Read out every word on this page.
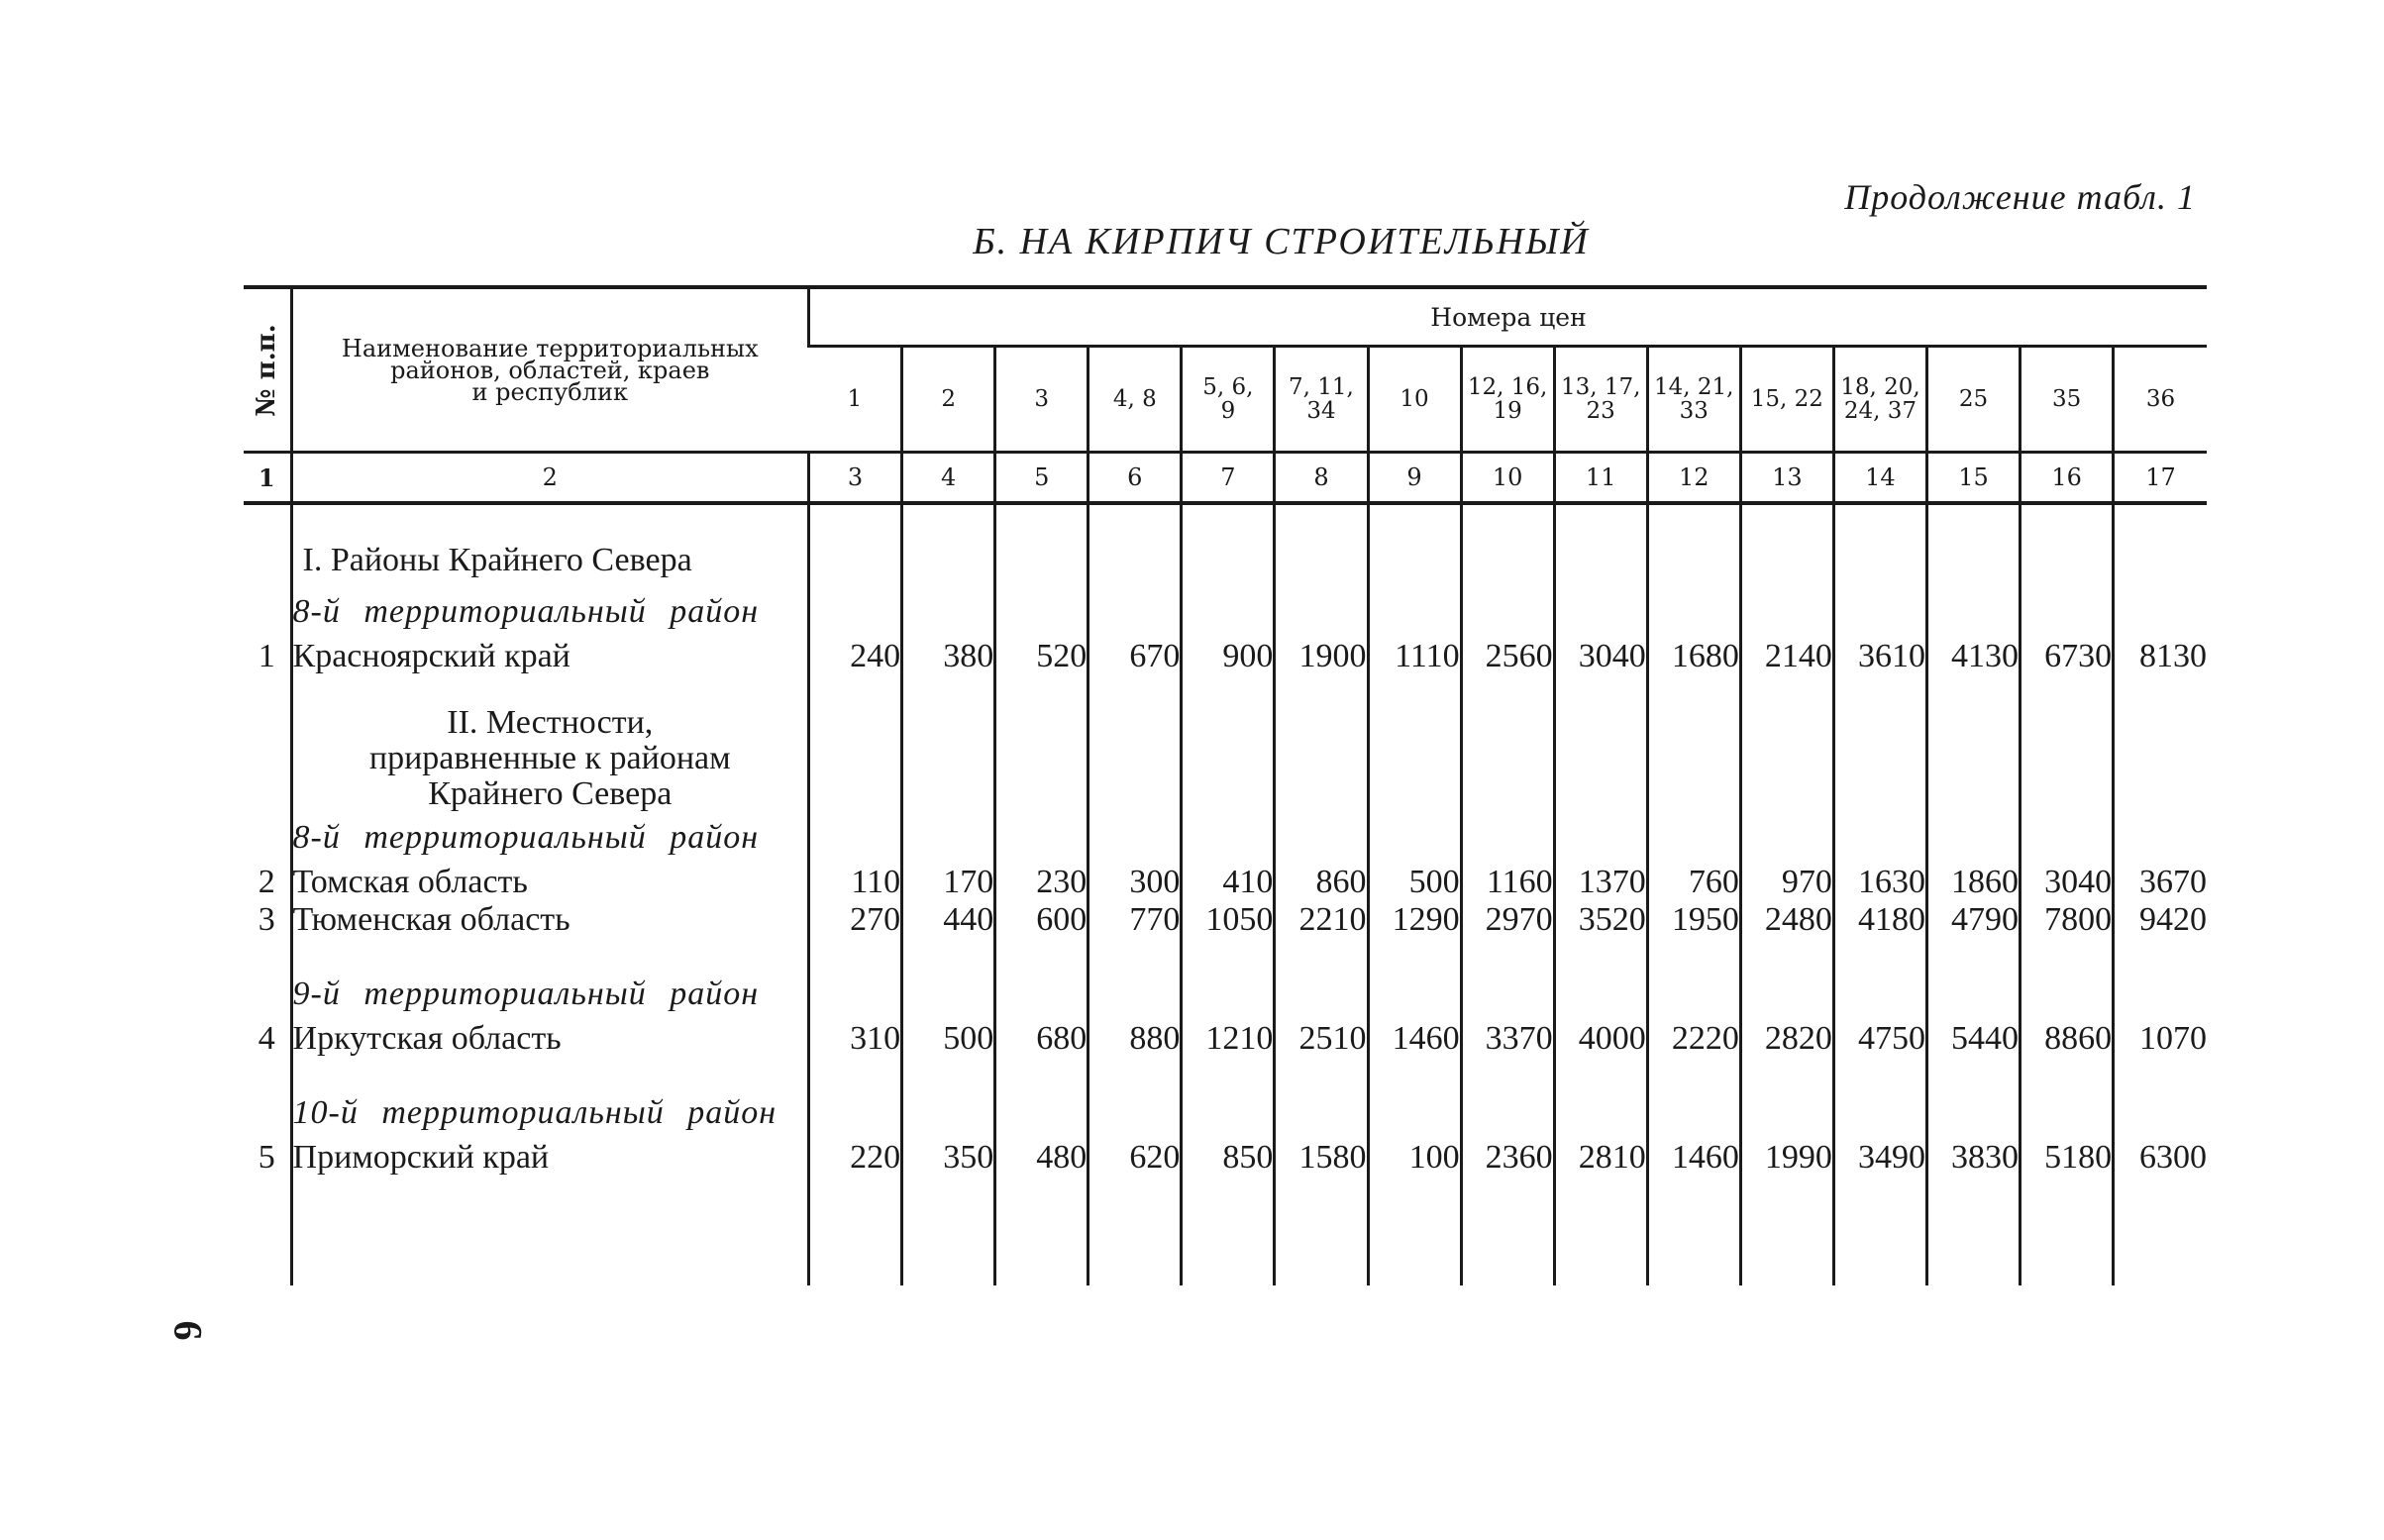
Продолжение табл. 1
Б. НА КИРПИЧ СТРОИТЕЛЬНЫЙ
6
№ п.п.	Наименование территориальных
районов, областей, краев
и республик	Номера цен														
		1	2	3	4, 8	5, 6,
9	7, 11,
34	10	12, 16,
19	13, 17,
23	14, 21,
33	15, 22	18, 20,
24, 37	25	35	36
1	2	3	4	5	6	7	8	9	10	11	12	13	14	15	16	17

	I. Районы Крайнего Севера															
	8-й территориальный район															
1	Красноярский край	240	380	520	670	900	1900	1110	2560	3040	1680	2140	3610	4130	6730	8130

	II. Местности,
приравненные к районам
Крайнего Севера															
	8-й территориальный район															
2	Томская область	110	170	230	300	410	860	500	1160	1370	760	970	1630	1860	3040	3670
3	Тюменская область	270	440	600	770	1050	2210	1290	2970	3520	1950	2480	4180	4790	7800	9420

	9-й территориальный район															
4	Иркутская область	310	500	680	880	1210	2510	1460	3370	4000	2220	2820	4750	5440	8860	1070

	10-й территориальный район															
5	Приморский край	220	350	480	620	850	1580	100	2360	2810	1460	1990	3490	3830	5180	6300
